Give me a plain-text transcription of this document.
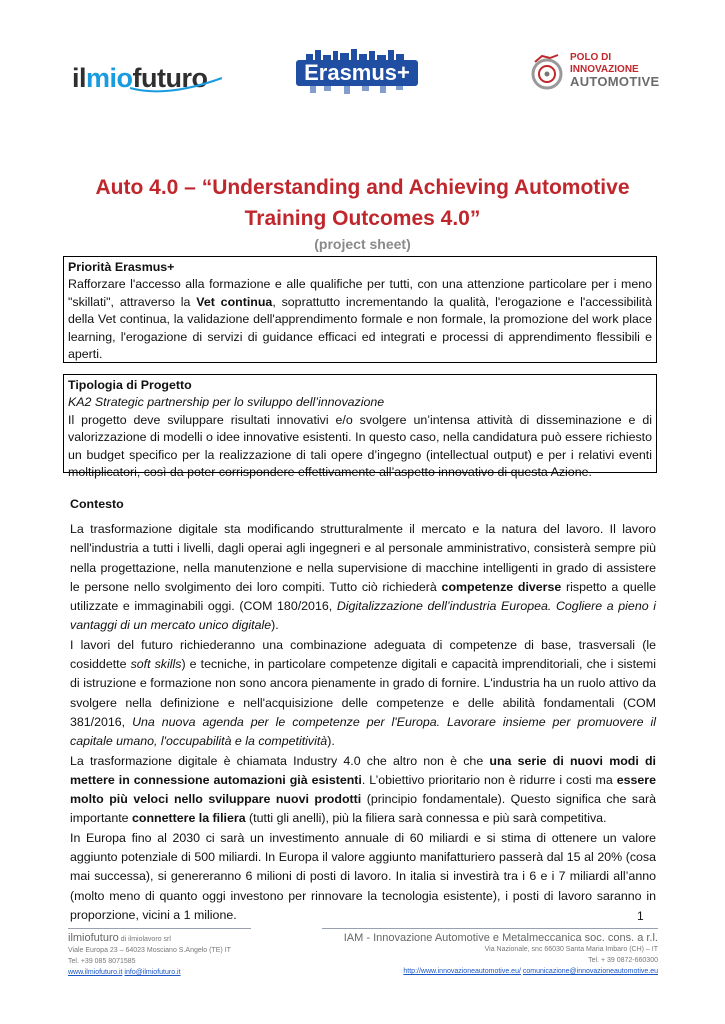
ilmiofuturo	Erasmus+
POLO DI
INNOVAZIONE
AUTOMOTIVE
Auto 4.0 – “Understanding and Achieving Automotive
Training Outcomes 4.0”
(project sheet)
Priorità Erasmus+
Rafforzare l'accesso alla formazione e alle qualifiche per tutti, con una attenzione particolare per i meno "skillati", attraverso la Vet continua, soprattutto incrementando la qualità, l'erogazione e l'accessibilità della Vet continua, la validazione dell'apprendimento formale e non formale, la promozione del work place learning, l'erogazione di servizi di guidance efficaci ed integrati e processi di apprendimento flessibili e aperti.
Tipologia di Progetto
KA2 Strategic partnership per lo sviluppo dell’innovazione
Il progetto deve sviluppare risultati innovativi e/o svolgere un’intensa attività di disseminazione e di valorizzazione di modelli o idee innovative esistenti. In questo caso, nella candidatura può essere richiesto un budget specifico per la realizzazione di tali opere d’ingegno (intellectual output) e per i relativi eventi moltiplicatori, così da poter corrispondere effettivamente all’aspetto innovativo di questa Azione.
Contesto

La trasformazione digitale sta modificando strutturalmente il mercato e la natura del lavoro. Il lavoro nell'industria a tutti i livelli, dagli operai agli ingegneri e al personale amministrativo, consisterà sempre più nella progettazione, nella manutenzione e nella supervisione di macchine intelligenti in grado di assistere le persone nello svolgimento dei loro compiti. Tutto ciò richiederà competenze diverse rispetto a quelle utilizzate e immaginabili oggi. (COM 180/2016, Digitalizzazione dell’industria Europea. Cogliere a pieno i vantaggi di un mercato unico digitale).

I lavori del futuro richiederanno una combinazione adeguata di competenze di base, trasversali (le cosiddette soft skills) e tecniche, in particolare competenze digitali e capacità imprenditoriali, che i sistemi di istruzione e formazione non sono ancora pienamente in grado di fornire. L'industria ha un ruolo attivo da svolgere nella definizione e nell'acquisizione delle competenze e delle abilità fondamentali (COM 381/2016, Una nuova agenda per le competenze per l'Europa. Lavorare insieme per promuovere il capitale umano, l'occupabilità e la competitività).

La trasformazione digitale è chiamata Industry 4.0 che altro non è che una serie di nuovi modi di mettere in connessione automazioni già esistenti. L’obiettivo prioritario non è ridurre i costi ma essere molto più veloci nello sviluppare nuovi prodotti (principio fondamentale). Questo significa che sarà importante connettere la filiera (tutti gli anelli), più la filiera sarà connessa e più sarà competitiva.

In Europa fino al 2030 ci sarà un investimento annuale di 60 miliardi e si stima di ottenere un valore aggiunto potenziale di 500 miliardi. In Europa il valore aggiunto manifatturiero passerà dal 15 al 20% (cosa mai successa), si genereranno 6 milioni di posti di lavoro. In italia si investirà tra i 6 e i 7 miliardi all’anno (molto meno di quanto oggi investono per rinnovare la tecnologia esistente), i posti di lavoro saranno in proporzione, vicini a 1 milione.	1
ilmiofuturo di ilmiolavoro srl
Viale Europa 23 – 64023 Mosciano S.Angelo (TE) IT
Tel. +39 085 8071585
www.ilmiofuturo.it info@ilmiofuturo.it
IAM - Innovazione Automotive e Metalmeccanica soc. cons. a r.l.
Via Nazionale, snc 66030 Santa Maria Imbaro (CH) – IT
Tel. + 39 0872-660300
http://www.innovazioneautomotive.eu/ comunicazione@innovazioneautomotive.eu
